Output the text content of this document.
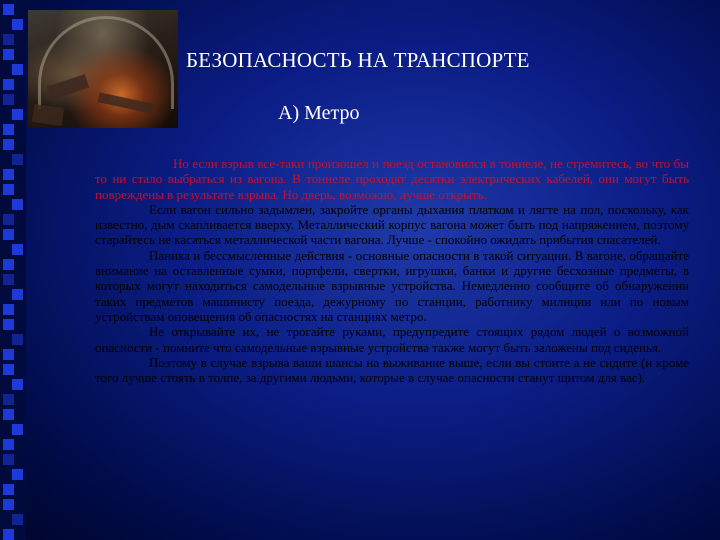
БЕЗОПАСНОСТЬ НА ТРАНСПОРТЕ
А) Метро

Но если взрыв все-таки произошел и поезд остановился в тоннеле, не стремитесь, во что бы то ни стало выбраться из вагона. В тоннеле проходят десятки электрических кабелей, они могут быть повреждены в результате взрыва. Но дверь, возможно, лучше открыть.

Если вагон сильно задымлен, закройте органы дыхания платком и лягте на пол, поскольку, как известно, дым скапливается вверху. Металлический корпус вагона может быть под напряжением, поэтому старайтесь не касаться металлической части вагона. Лучше - спокойно ожидать прибытия спасателей.

Паника и бессмысленные действия - основные опасности в такой ситуации. В вагоне, обращайте внимание на оставленные сумки, портфели, свертки, игрушки, банки и другие бесхозные предметы, в которых могут находиться самодельные взрывные устройства. Немедленно сообщите об обнаружении таких предметов машинисту поезда, дежурному по станции, работнику милиции или по новым устройствам оповещения об опасностях на станциях метро.

Не открывайте их, не трогайте руками, предупредите стоящих рядом людей о возможной опасности - помните что самодельные взрывные устройства также могут быть заложены под сиденья.

Поэтому в случае взрыва ваши шансы на выживание выше, если вы стоите а не сидите (и кроме того лучше стоять в толпе, за другими людьми, которые в случае опасности станут щитом для вас).
